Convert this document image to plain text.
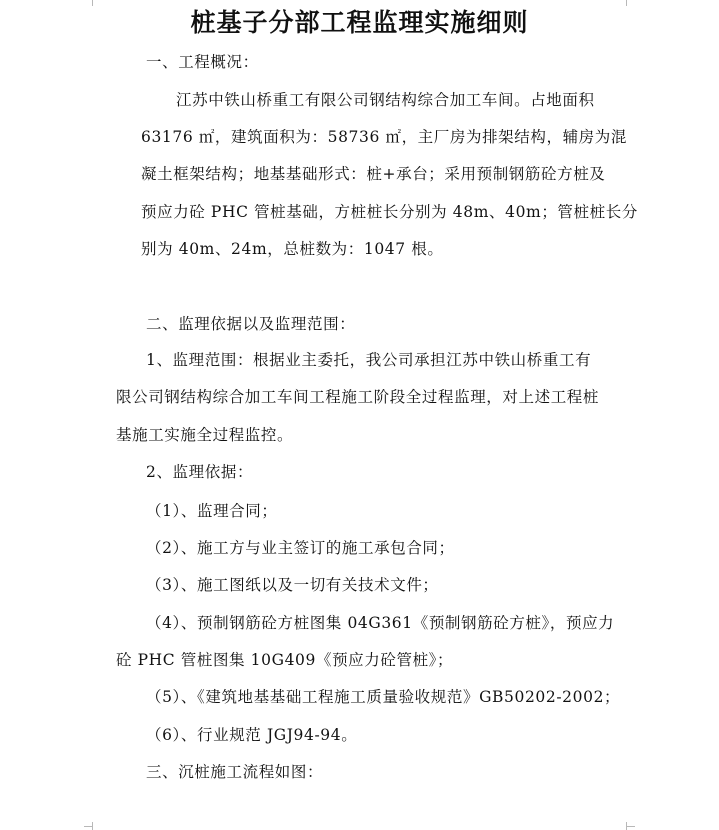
桩基子分部工程监理实施细则
一、工程概况：
江苏中铁山桥重工有限公司钢结构综合加工车间。占地面积
63176 ㎡，建筑面积为：58736 ㎡，主厂房为排架结构，辅房为混
凝土框架结构；地基基础形式：桩+承台；采用预制钢筋砼方桩及
预应力砼 PHC 管桩基础，方桩桩长分别为 48m、40m；管桩桩长分
别为 40m、24m，总桩数为：1047 根。
二、监理依据以及监理范围：
1、监理范围：根据业主委托，我公司承担江苏中铁山桥重工有
限公司钢结构综合加工车间工程施工阶段全过程监理，对上述工程桩
基施工实施全过程监控。
2、监理依据：
（1）、监理合同；
（2）、施工方与业主签订的施工承包合同；
（3）、施工图纸以及一切有关技术文件；
（4）、预制钢筋砼方桩图集 04G361《预制钢筋砼方桩》，预应力
砼 PHC 管桩图集 10G409《预应力砼管桩》；
（5）、《建筑地基基础工程施工质量验收规范》GB50202-2002；
（6）、行业规范 JGJ94-94。
三、沉桩施工流程如图：
